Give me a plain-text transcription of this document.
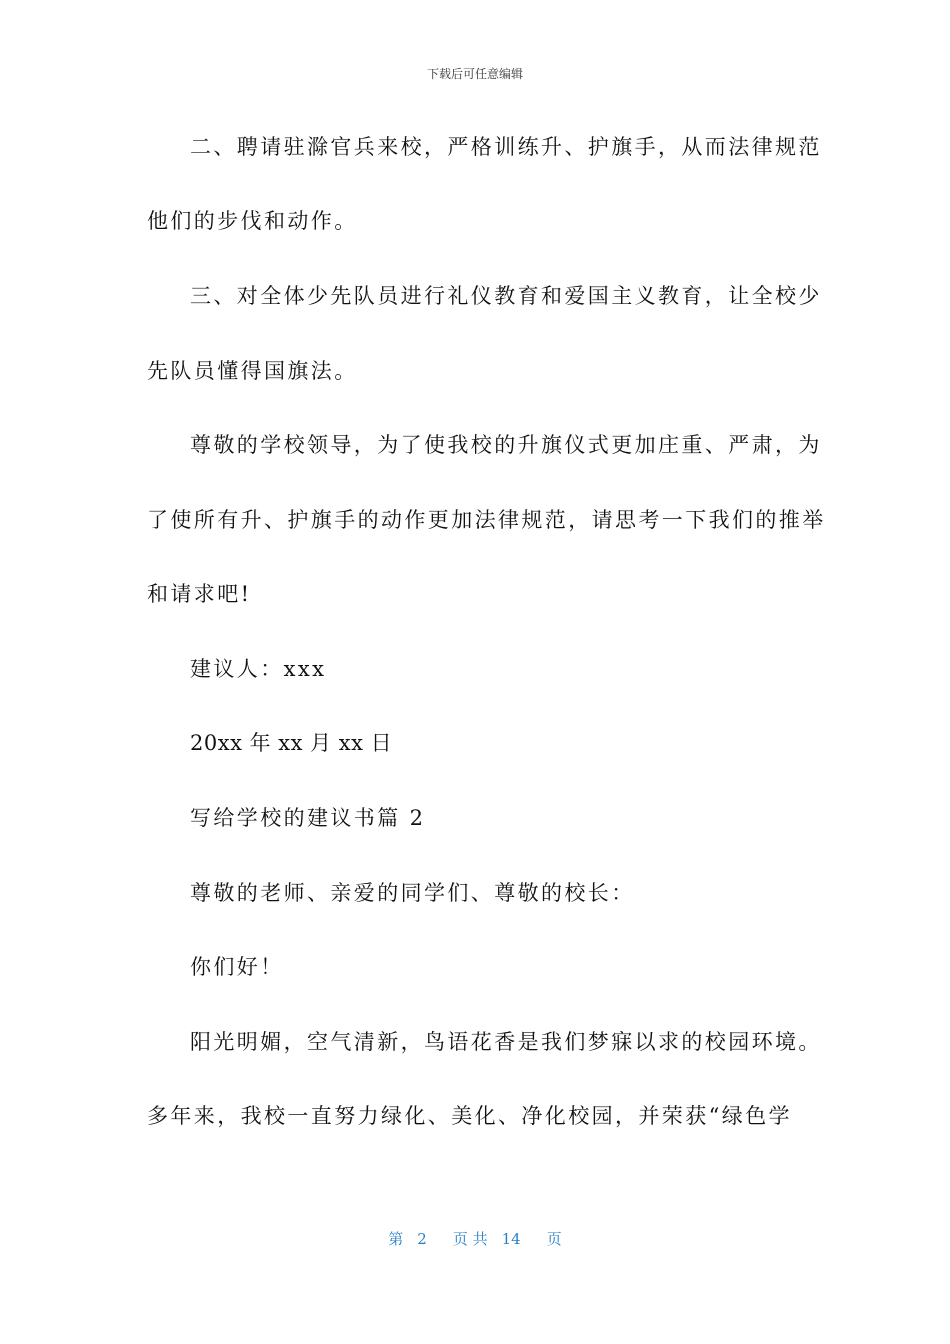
下载后可任意编辑
二、聘请驻滁官兵来校，严格训练升、护旗手，从而法律规范
他们的步伐和动作。
三、对全体少先队员进行礼仪教育和爱国主义教育，让全校少
先队员懂得国旗法。
尊敬的学校领导，为了使我校的升旗仪式更加庄重、严肃，为
了使所有升、护旗手的动作更加法律规范，请思考一下我们的推举
和请求吧!
建议人：xxx
20xx 年 xx 月 xx 日
写给学校的建议书篇 2
尊敬的老师、亲爱的同学们、尊敬的校长：
你们好！
阳光明媚，空气清新，鸟语花香是我们梦寐以求的校园环境。
多年来，我校一直努力绿化、美化、净化校园，并荣获“绿色学
第 2 页 共 14 页
